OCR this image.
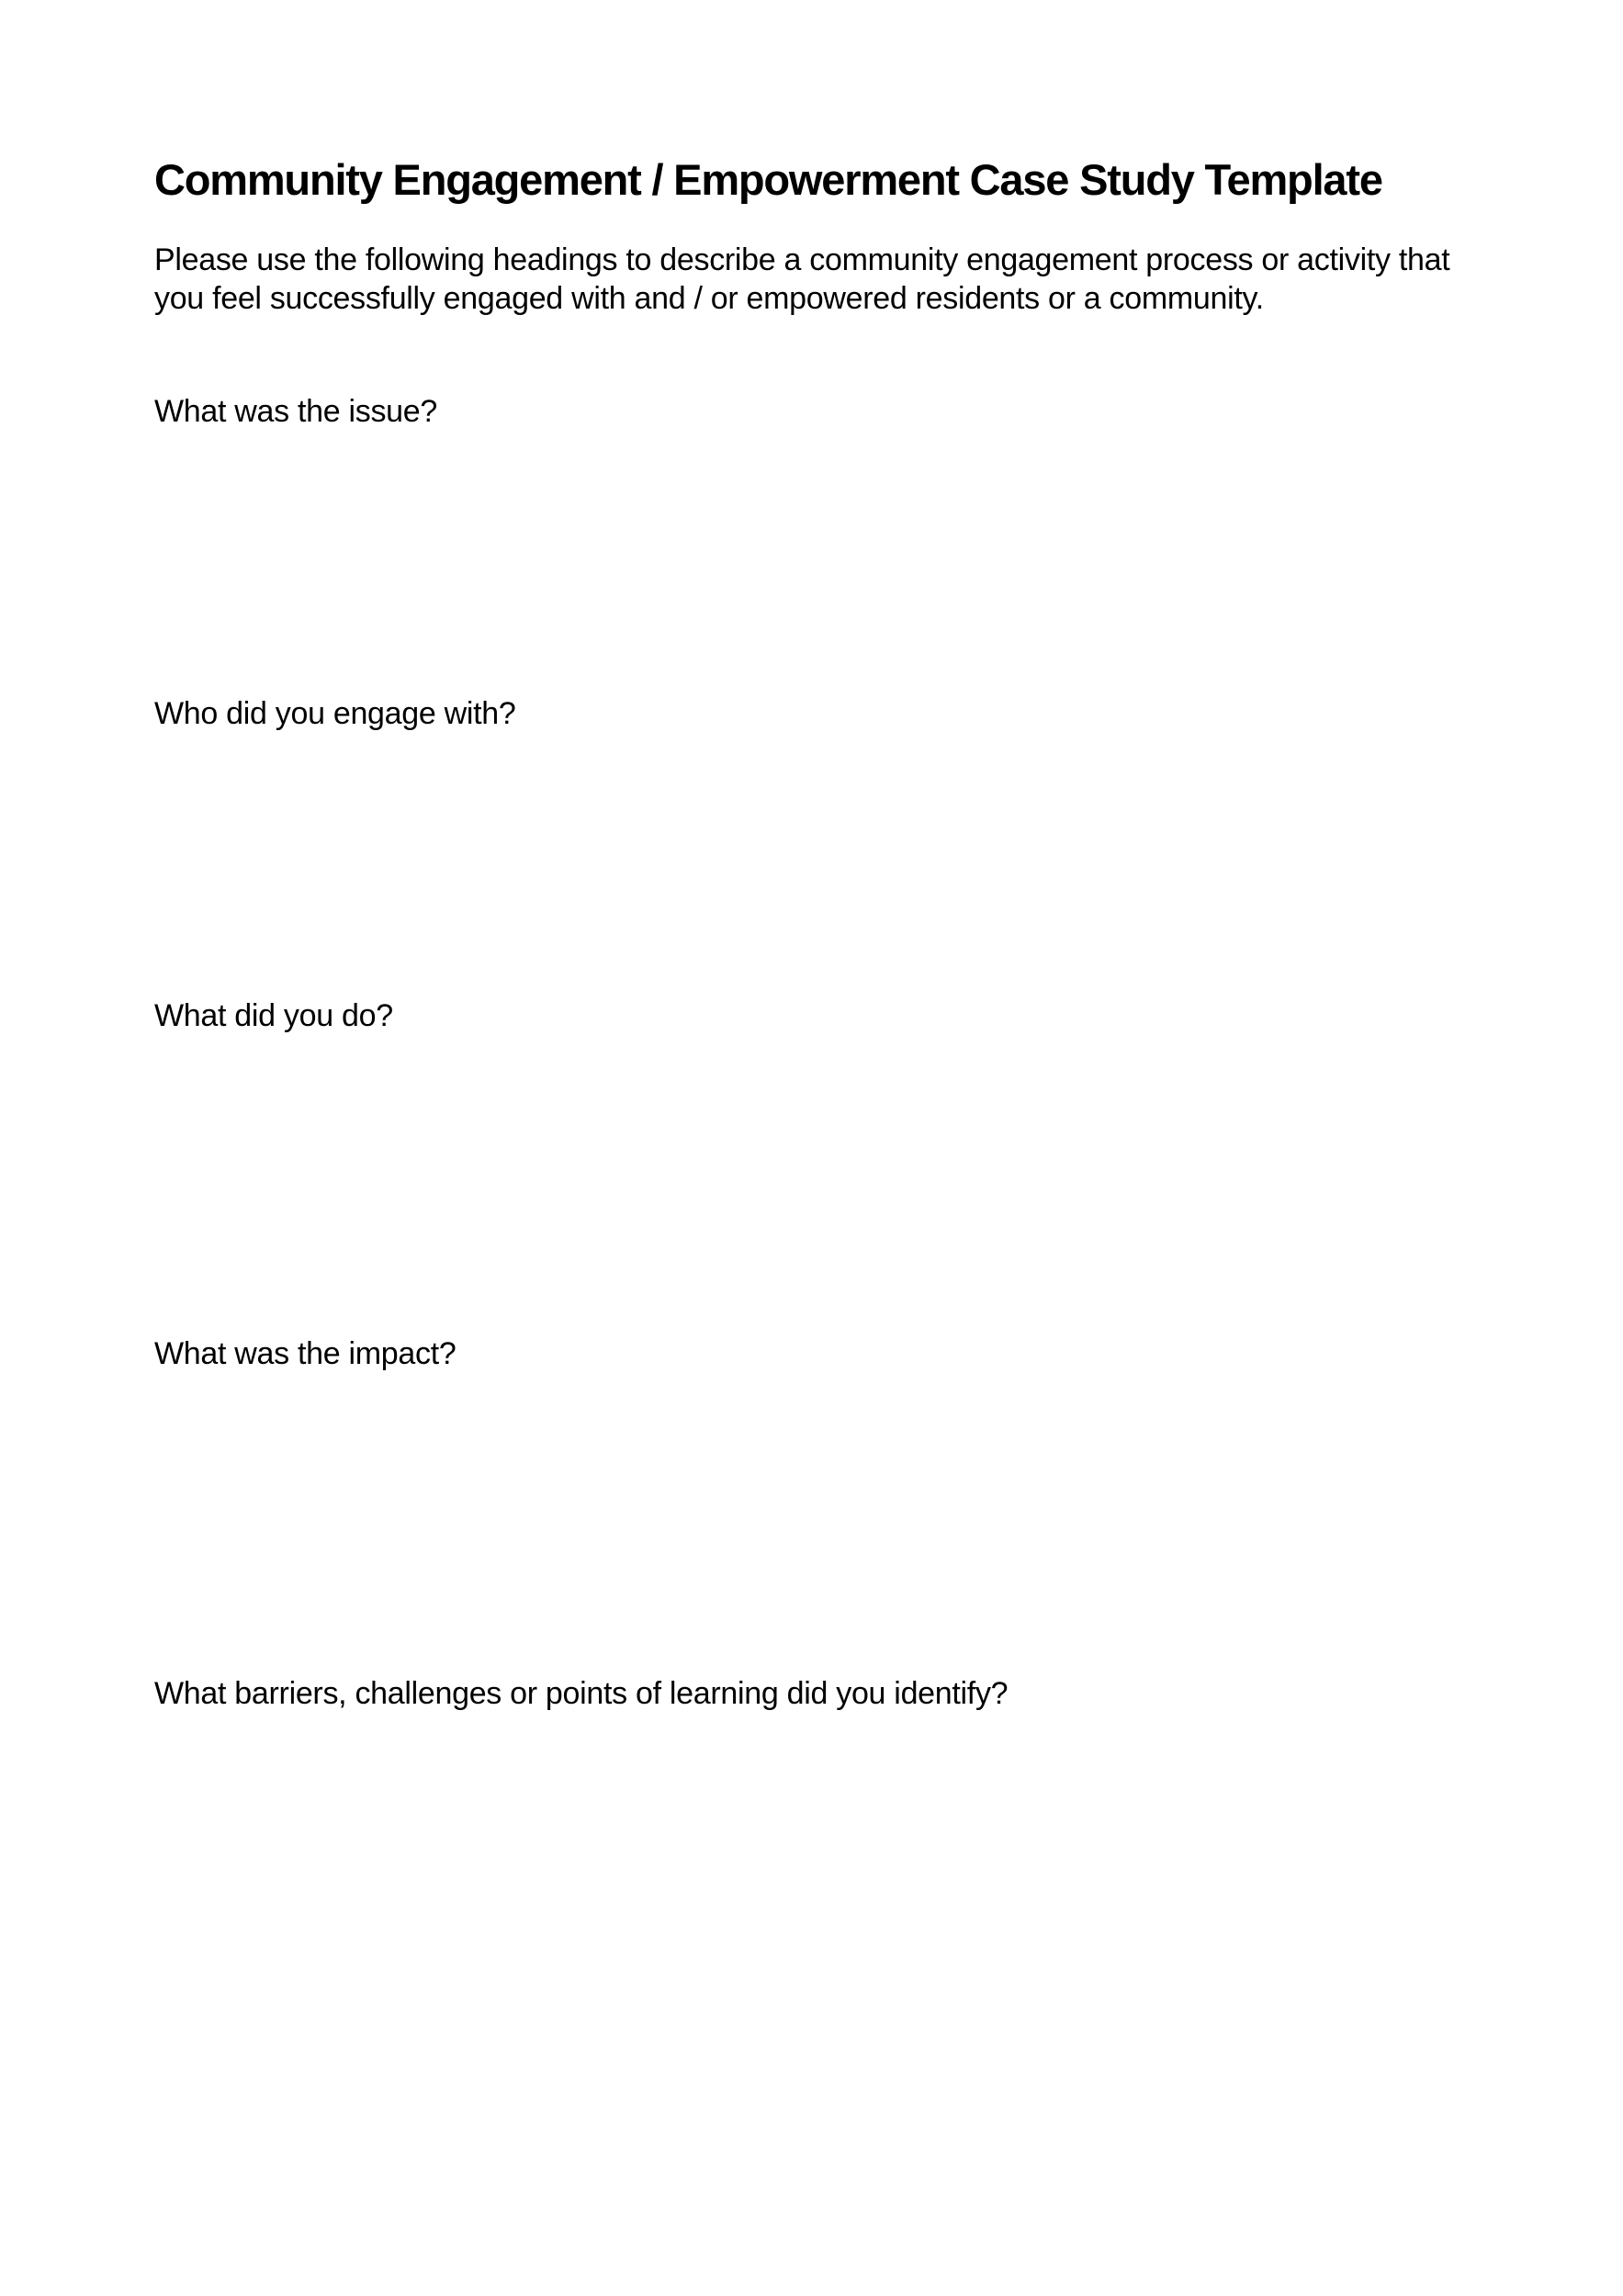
Community Engagement / Empowerment Case Study Template

Please use the following headings to describe a community engagement process or activity that
you feel successfully engaged with and / or empowered residents or a community.

What was the issue?
Who did you engage with?
What did you do?
What was the impact?
What barriers, challenges or points of learning did you identify?
